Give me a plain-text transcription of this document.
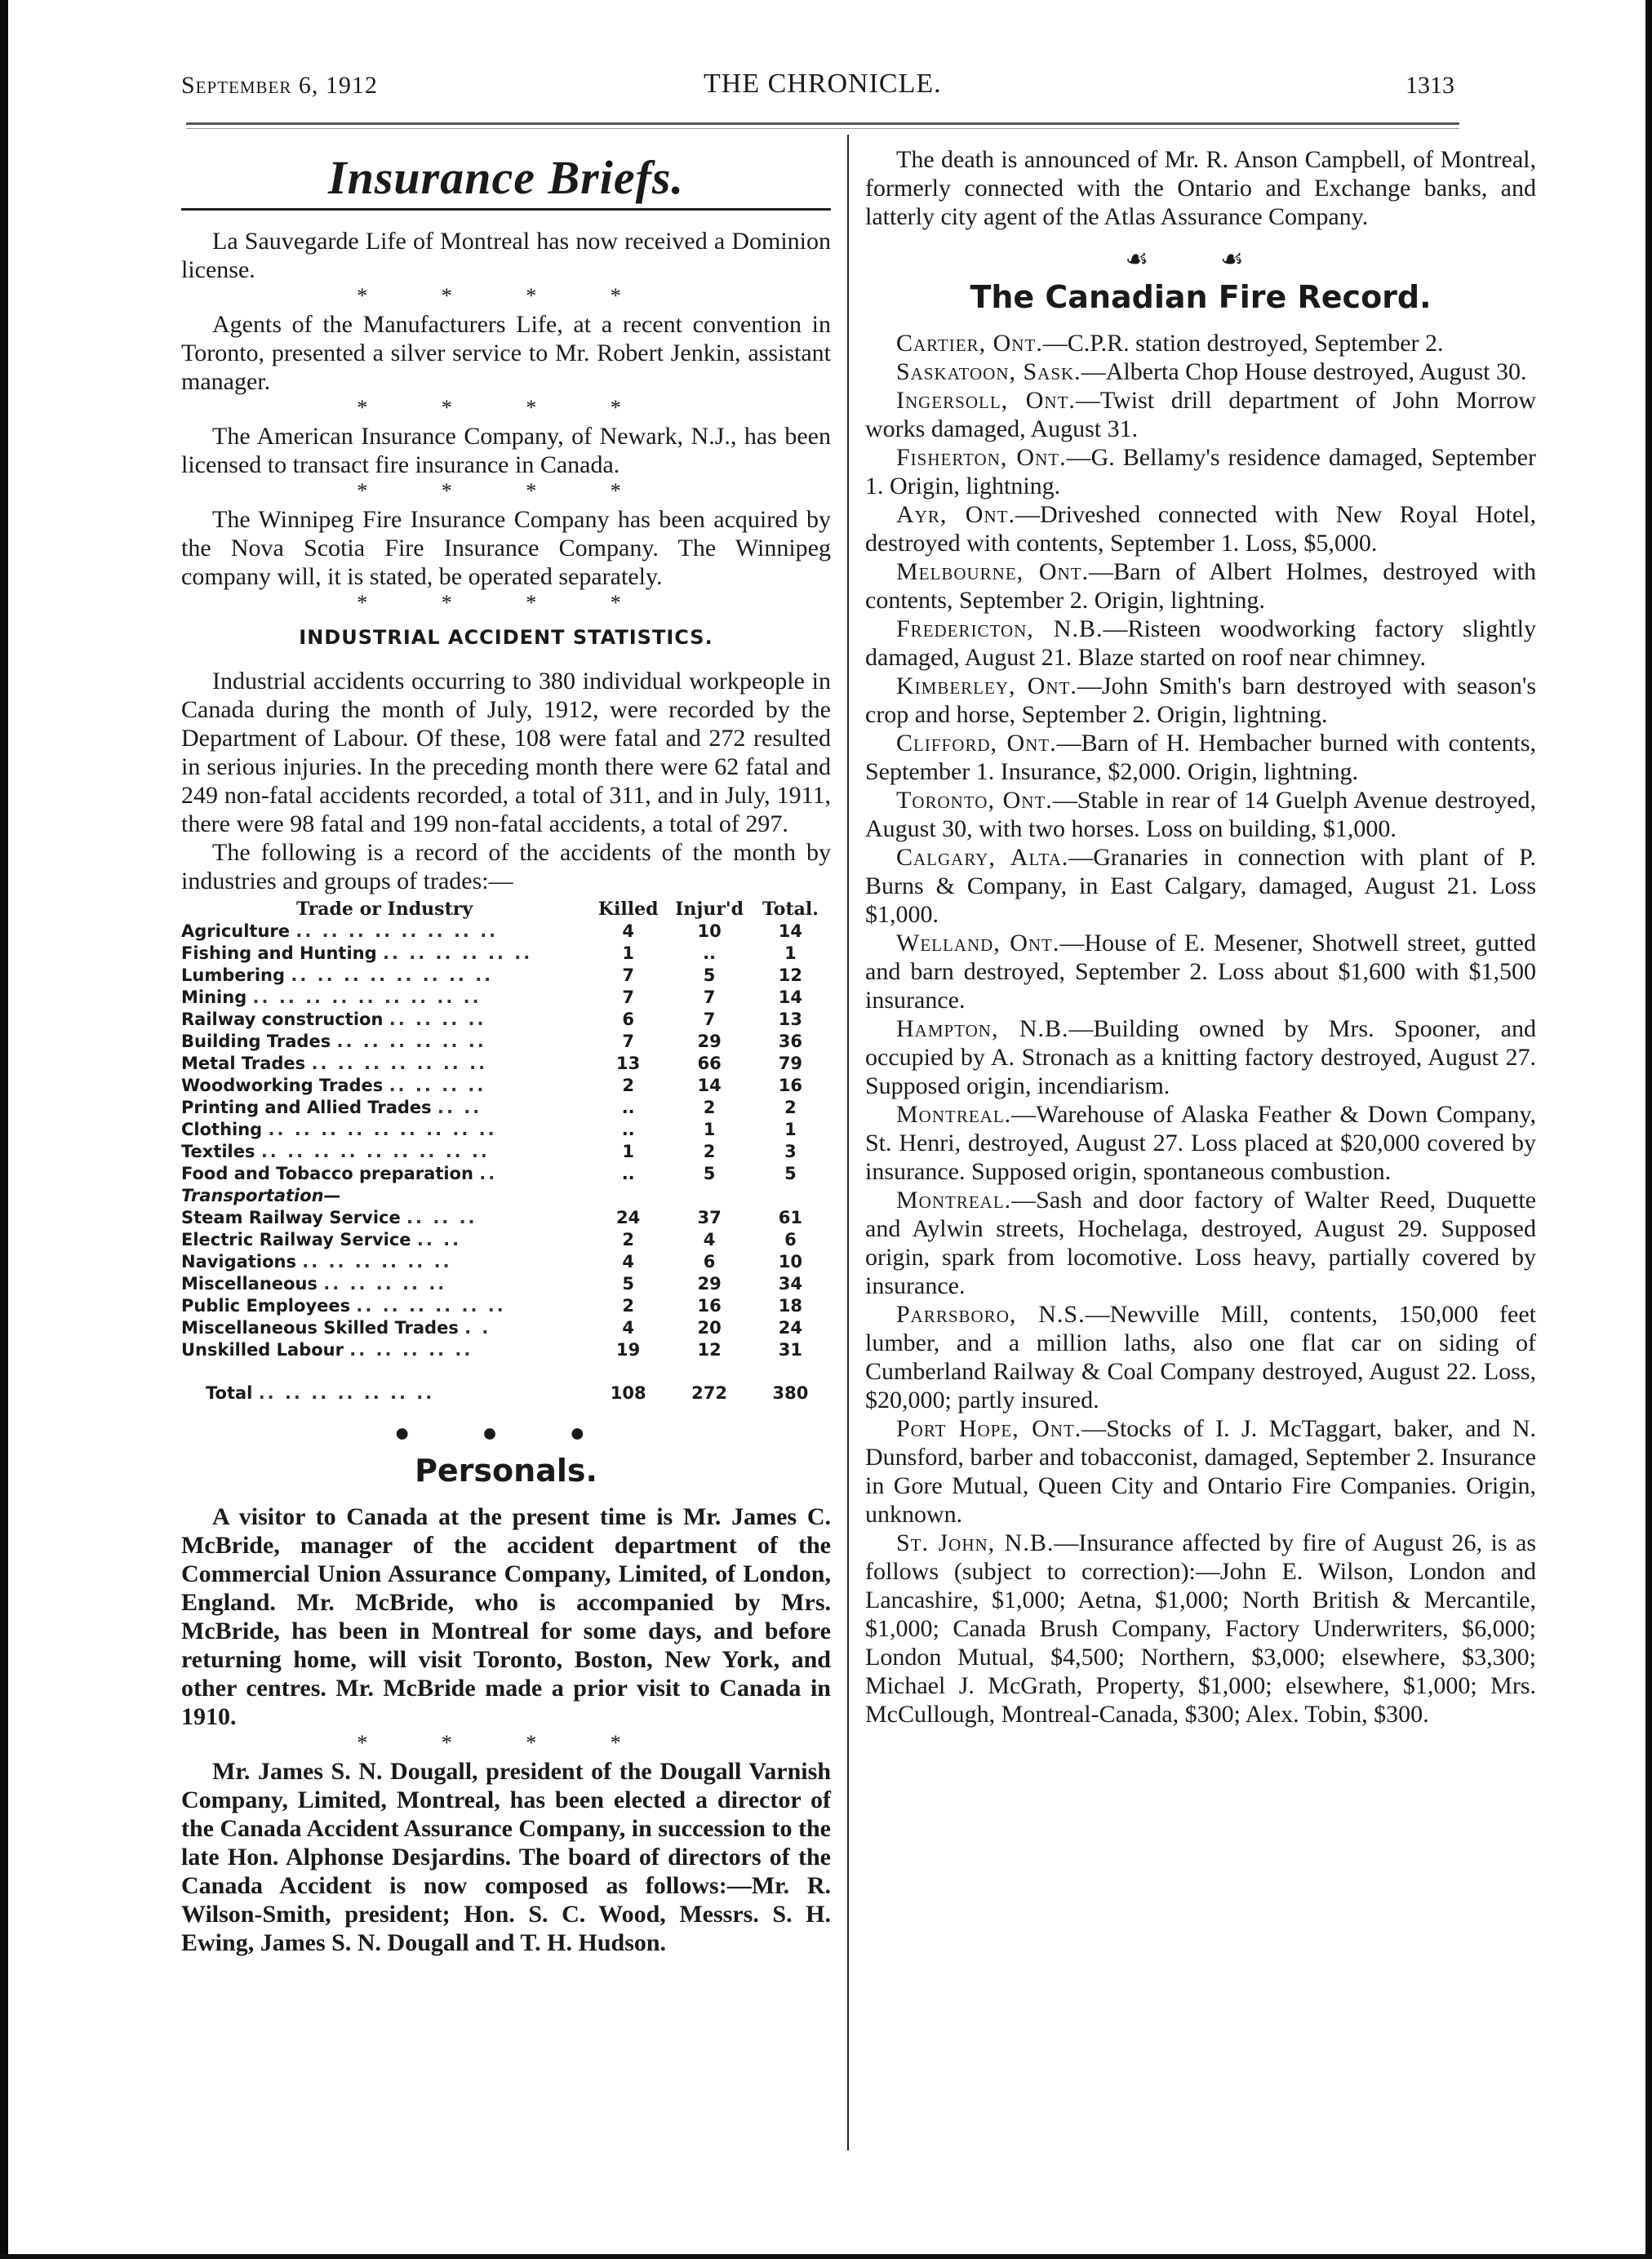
September 6, 1912	THE CHRONICLE.	1313
Insurance Briefs.

La Sauvegarde Life of Montreal has now received a Dominion license.

* * * *

Agents of the Manufacturers Life, at a recent convention in Toronto, presented a silver service to Mr. Robert Jenkin, assistant manager.

* * * *

The American Insurance Company, of Newark, N.J., has been licensed to transact fire insurance in Canada.

* * * *

The Winnipeg Fire Insurance Company has been acquired by the Nova Scotia Fire Insurance Company. The Winnipeg company will, it is stated, be operated separately.

* * * *
INDUSTRIAL ACCIDENT STATISTICS.

Industrial accidents occurring to 380 individual workpeople in Canada during the month of July, 1912, were recorded by the Department of Labour. Of these, 108 were fatal and 272 resulted in serious injuries. In the preceding month there were 62 fatal and 249 non-fatal accidents recorded, a total of 311, and in July, 1911, there were 98 fatal and 199 non-fatal accidents, a total of 297.

The following is a record of the accidents of the month by industries and groups of trades:—

Trade or Industry	Killed	Injur'd	Total.
Agriculture .. .. .. .. .. .. .. ..	4	10	14
Fishing and Hunting .. .. .. .. .. ..	1	..	1
Lumbering .. .. .. .. .. .. .. ..	7	5	12
Mining .. .. .. .. .. .. .. .. ..	7	7	14
Railway construction .. .. .. ..	6	7	13
Building Trades .. .. .. .. .. ..	7	29	36
Metal Trades .. .. .. .. .. .. ..	13	66	79
Woodworking Trades .. .. .. ..	2	14	16
Printing and Allied Trades .. ..	..	2	2
Clothing .. .. .. .. .. .. .. .. ..	..	1	1
Textiles .. .. .. .. .. .. .. .. ..	1	2	3
Food and Tobacco preparation ..	..	5	5
Transportation—			
Steam Railway Service .. .. ..	24	37	61
Electric Railway Service .. ..	2	4	6
Navigations .. .. .. .. .. ..	4	6	10
Miscellaneous .. .. .. .. ..	5	29	34
Public Employees .. .. .. .. .. ..	2	16	18
Miscellaneous Skilled Trades . .	4	20	24
Unskilled Labour .. .. .. .. ..	19	12	31
Total .. .. .. .. .. .. ..	108	272	380
● ● ●
Personals.

A visitor to Canada at the present time is Mr. James C. McBride, manager of the accident department of the Commercial Union Assurance Company, Limited, of London, England. Mr. McBride, who is accompanied by Mrs. McBride, has been in Montreal for some days, and before returning home, will visit Toronto, Boston, New York, and other centres. Mr. McBride made a prior visit to Canada in 1910.

* * * *

Mr. James S. N. Dougall, president of the Dougall Varnish Company, Limited, Montreal, has been elected a director of the Canada Accident Assurance Company, in succession to the late Hon. Alphonse Desjardins. The board of directors of the Canada Accident is now composed as follows:—Mr. R. Wilson-Smith, president; Hon. S. C. Wood, Messrs. S. H. Ewing, James S. N. Dougall and T. H. Hudson.

The death is announced of Mr. R. Anson Campbell, of Montreal, formerly connected with the Ontario and Exchange banks, and latterly city agent of the Atlas Assurance Company.

☙ ☙
The Canadian Fire Record.

Cartier, Ont.—C.P.R. station destroyed, September 2.

Saskatoon, Sask.—Alberta Chop House destroyed, August 30.

Ingersoll, Ont.—Twist drill department of John Morrow works damaged, August 31.

Fisherton, Ont.—G. Bellamy's residence damaged, September 1. Origin, lightning.

Ayr, Ont.—Driveshed connected with New Royal Hotel, destroyed with contents, September 1. Loss, $5,000.

Melbourne, Ont.—Barn of Albert Holmes, destroyed with contents, September 2. Origin, lightning.

Fredericton, N.B.—Risteen woodworking factory slightly damaged, August 21. Blaze started on roof near chimney.

Kimberley, Ont.—John Smith's barn destroyed with season's crop and horse, September 2. Origin, lightning.

Clifford, Ont.—Barn of H. Hembacher burned with contents, September 1. Insurance, $2,000. Origin, lightning.

Toronto, Ont.—Stable in rear of 14 Guelph Avenue destroyed, August 30, with two horses. Loss on building, $1,000.

Calgary, Alta.—Granaries in connection with plant of P. Burns & Company, in East Calgary, damaged, August 21. Loss $1,000.

Welland, Ont.—House of E. Mesener, Shotwell street, gutted and barn destroyed, September 2. Loss about $1,600 with $1,500 insurance.

Hampton, N.B.—Building owned by Mrs. Spooner, and occupied by A. Stronach as a knitting factory destroyed, August 27. Supposed origin, incendiarism.

Montreal.—Warehouse of Alaska Feather & Down Company, St. Henri, destroyed, August 27. Loss placed at $20,000 covered by insurance. Supposed origin, spontaneous combustion.

Montreal.—Sash and door factory of Walter Reed, Duquette and Aylwin streets, Hochelaga, destroyed, August 29. Supposed origin, spark from locomotive. Loss heavy, partially covered by insurance.

Parrsboro, N.S.—Newville Mill, contents, 150,000 feet lumber, and a million laths, also one flat car on siding of Cumberland Railway & Coal Company destroyed, August 22. Loss, $20,000; partly insured.

Port Hope, Ont.—Stocks of I. J. McTaggart, baker, and N. Dunsford, barber and tobacconist, damaged, September 2. Insurance in Gore Mutual, Queen City and Ontario Fire Companies. Origin, unknown.

St. John, N.B.—Insurance affected by fire of August 26, is as follows (subject to correction):—John E. Wilson, London and Lancashire, $1,000; Aetna, $1,000; North British & Mercantile, $1,000; Canada Brush Company, Factory Underwriters, $6,000; London Mutual, $4,500; Northern, $3,000; elsewhere, $3,300; Michael J. McGrath, Property, $1,000; elsewhere, $1,000; Mrs. McCullough, Montreal-Canada, $300; Alex. Tobin, $300.
